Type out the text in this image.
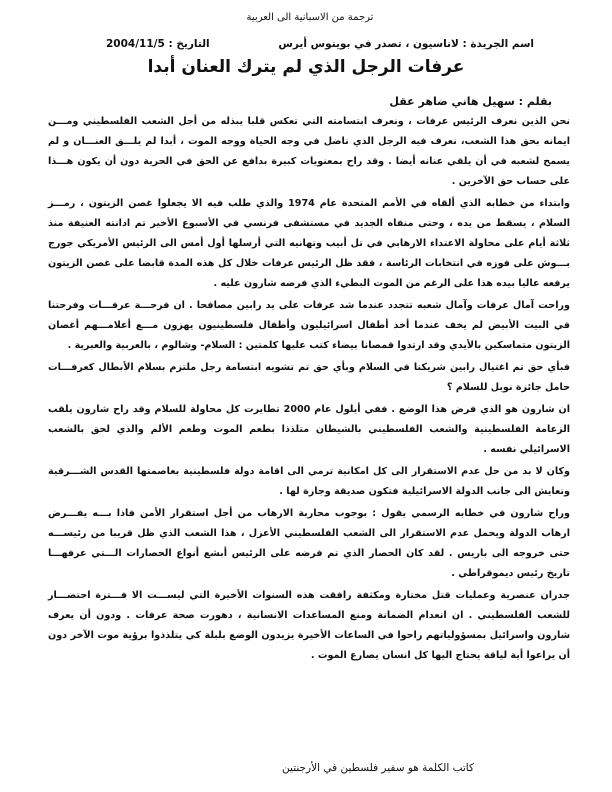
ترجمة من الاسبانية الى العربية
اسم الجريدة : لاناسيون ، تصدر في بوينوس أيرس
التاريخ : 2004/11/5
عرفات الرجل الذي لم يترك العنان أبدا
بقلم : سهيل هاني ضاهر عقل

نحن الذين نعرف الرئيس عرفات ، ونعرف ابتسامته التي تعكس قلبا يبذله من أجل الشعب الفلسطيني ومـــن ايمانه بحق هذا الشعب، نعرف فيه الرجل الذي ناضل في وجه الحياة ووجه الموت ، أبدا لم يلـــق العنـــان و لم يسمح لشعبه في أن يلقي عنانه أيضا . وقد راح بمعنويات كبيرة بدافع عن الحق في الحرية دون أن يكون هـــذا على حساب حق الآخرين .

وابتداء من خطابه الذي ألقاه في الأمم المتحدة عام 1974 والذي طلب فيه الا يجعلوا غصن الزيتون ، رمـــز السلام ، يسقط من يده ، وحتى منفاه الجديد في مستشفى فرنسي في الأسبوع الأخير تم ادانته العنيفة منذ ثلاثة أيام على محاولة الاعتداء الارهابي في تل أبيب وتهانيه التي أرسلها أول أمس الى الرئيس الأمريكي جورج بـــوش على فوزه في انتخابات الرئاسة ، فقد ظل الرئيس عرفات خلال كل هذه المدة قابضا على غصن الزيتون يرفعه عاليا بيده هذا على الرغم من الموت البطيء الذي فرضه شارون عليه .

وراحت آمال عرفات وآمال شعبه تتجدد عندما شد عرفات على يد رابين مصافحا . ان فرحـــة عرفـــات وفرحتنا في البيت الأبيض لم يخف عندما أخذ أطفال اسرائيليون وأطفال فلسطينيون يهزون مـــع أعلامـــهم أغصان الزيتون متماسكين بالأيدي وقد ارتدوا قمصانا بيضاء كتب عليها كلمتين : السلام- وشالوم ، بالعربية والعبرية .

فبأي حق تم اغتيال رابين شريكنا في السلام وبأي حق تم تشويه ابتسامة رجل ملتزم بسلام الأبطال كعرفـــات حامل جائزة نوبل للسلام ؟

ان شارون هو الذي فرض هذا الوضع . ففي أيلول عام 2000 تطايرت كل محاولة للسلام وقد راح شارون يلقب الزعامة الفلسطينية والشعب الفلسطيني بالشيطان متلذذا بطعم الموت وطعم الألم والذي لحق بالشعب الاسرائيلي نفسه .

وكان لا بد من حل عدم الاستقرار الى كل امكانية ترمي الى اقامة دولة فلسطينية بعاصمتها القدس الشـــرقية وتعايش الى جانب الدولة الاسرائيلية فتكون صديقة وجارة لها .

وراح شارون في خطابه الرسمي يقول : بوجوب محاربة الارهاب من أجل استقرار الأمن فاذا بـــه يفـــرض ارهاب الدولة ويحمل عدم الاستقرار الى الشعب الفلسطيني الأعزل ، هذا الشعب الذي ظل قريبا من رئيســـه حتى خروجه الى باريس . لقد كان الحصار الذي تم فرضه على الرئيس أبشع أنواع الحصارات الـــتي عرفهـــا تاريخ رئيس ديموقراطي .

جدران عنصرية وعمليات قتل مختارة ومكثفة رافقت هذه السنوات الأخيرة التي ليســـت الا فـــترة احتضـــار للشعب الفلسطيني . ان انعدام الضمانة ومنع المساعدات الانسانية ، دهورت صحة عرفات . ودون أن يعرف شارون واسرائيل بمسؤولياتهم راحوا في الساعات الأخيرة يزيدون الوضع بلبلة كي يتلذذوا برؤية موت الآخر دون أن يراعوا أية لياقة يحتاج اليها كل انسان يصارع الموت .

كاتب الكلمة هو سفير فلسطين في الأرجنتين
